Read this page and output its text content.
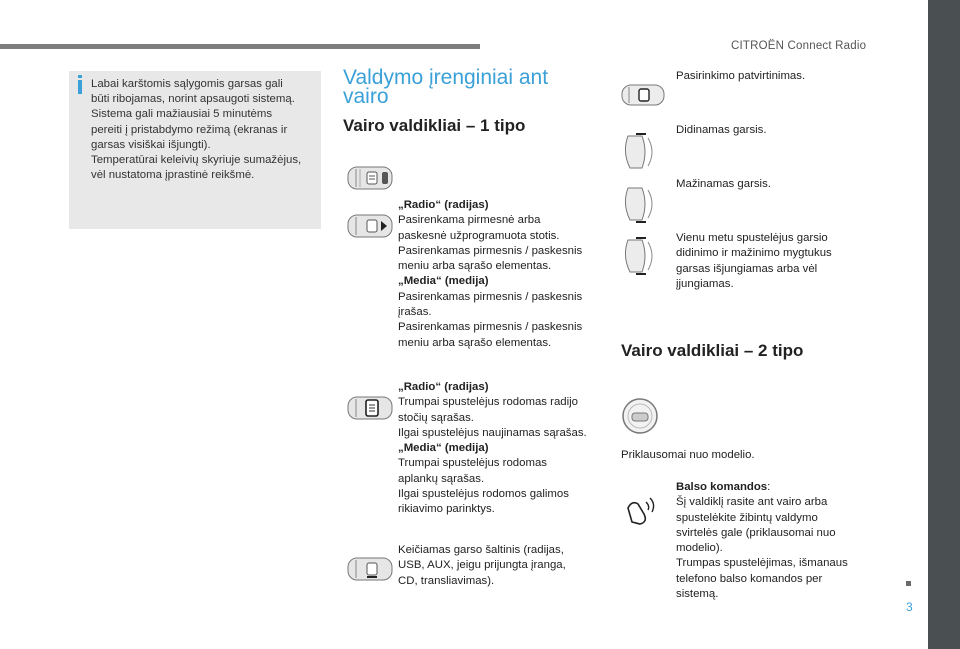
CITROËN Connect Radio
3
Labai karštomis sąlygomis garsas gali
būti ribojamas, norint apsaugoti sistemą.
Sistema gali mažiausiai 5 minutėms
pereiti į pristabdymo režimą (ekranas ir
garsas visiškai išjungti).
Temperatūrai keleivių skyriuje sumažėjus,
vėl nustatoma įprastinė reikšmė.
Valdymo įrenginiai ant
vairo
Vairo valdikliai – 1 tipo
„Radio“ (radijas)
Pasirenkama pirmesnė arba
paskesnė užprogramuota stotis.
Pasirenkamas pirmesnis / paskesnis
meniu arba sąrašo elementas.
„Media“ (medija)
Pasirenkamas pirmesnis / paskesnis
įrašas.
Pasirenkamas pirmesnis / paskesnis
meniu arba sąrašo elementas.
„Radio“ (radijas)
Trumpai spustelėjus rodomas radijo
stočių sąrašas.
Ilgai spustelėjus naujinamas sąrašas.
„Media“ (medija)
Trumpai spustelėjus rodomas
aplankų sąrašas.
Ilgai spustelėjus rodomos galimos
rikiavimo parinktys.
Keičiamas garso šaltinis (radijas,
USB, AUX, jeigu prijungta įranga,
CD, transliavimas).
Pasirinkimo patvirtinimas.
Didinamas garsis.
Mažinamas garsis.
Vienu metu spustelėjus garsio
didinimo ir mažinimo mygtukus
garsas išjungiamas arba vėl
įjungiamas.
Vairo valdikliai – 2 tipo
Priklausomai nuo modelio.
Balso komandos:
Šį valdiklį rasite ant vairo arba
spustelėkite žibintų valdymo
svirtelės gale (priklausomai nuo
modelio).
Trumpas spustelėjimas, išmanaus
telefono balso komandos per
sistemą.
